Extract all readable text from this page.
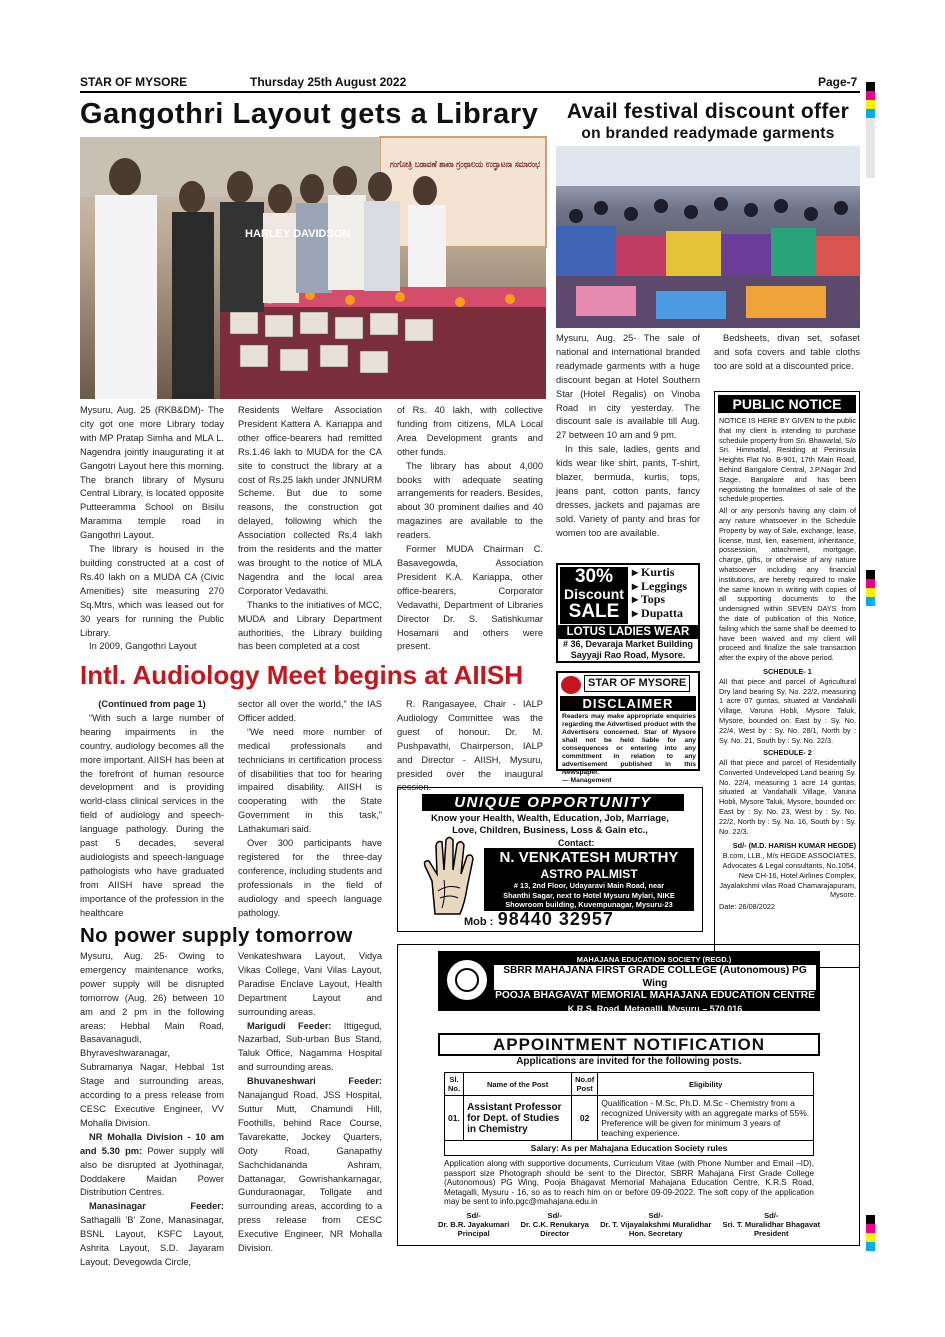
STAR OF MYSORE	Thursday 25th August 2022	Page-7
Gangothri Layout gets a Library
HARLEY DAVIDSON
ಗಂಗೋತ್ರಿ ಬಡಾವಣೆ ಶಾಖಾ ಗ್ರಂಥಾಲಯ ಉದ್ಘಾಟನಾ ಸಮಾರಂಭ

Mysuru, Aug. 25 (RKB&DM)- The city got one more Library today with MP Pratap Simha and MLA L. Nagendra jointly inaugurating it at Gangotri Layout here this morning. The branch library of Mysuru Central Library, is located opposite Putteeramma School on Bisilu Maramma temple road in Gangothri Layout.

The library is housed in the building constructed at a cost of Rs.40 lakh on a MUDA CA (Civic Amenities) site measuring 270 Sq.Mtrs, which was leased out for 30 years for running the Public Library.

In 2009, Gangothri Layout

Residents Welfare Association President Kattera A. Kariappa and other office-bearers had remitted Rs.1.46 lakh to MUDA for the CA site to construct the library at a cost of Rs.25 lakh under JNNURM Scheme. But due to some reasons, the construction got delayed, following which the Association collected Rs.4 lakh from the residents and the matter was brought to the notice of MLA Nagendra and the local area Corporator Vedavathi.

Thanks to the initiatives of MCC, MUDA and Library Department authorities, the Library building has been completed at a cost

of Rs. 40 lakh, with collective funding from citizens, MLA Local Area Development grants and other funds.

The library has about 4,000 books with adequate seating arrangements for readers. Besides, about 30 prominent dailies and 40 magazines are available to the readers.

Former MUDA Chairman C. Basavegowda, Association President K.A. Kariappa, other office-bearers, Corporator Vedavathi, Department of Libraries Director Dr. S. Satishkumar Hosamani and others were present.

Avail festival discount offer
on branded readymade garments

Mysuru, Aug. 25- The sale of national and international branded readymade garments with a huge discount began at Hotel Southern Star (Hotel Regalis) on Vinoba Road in city yesterday. The discount sale is available till Aug. 27 between 10 am and 9 pm.

In this sale, ladies, gents and kids wear like shirt, pants, T-shirt, blazer, bermuda, kurtis, tops, jeans pant, cotton pants, fancy dresses, jackets and pajamas are sold. Variety of panty and bras for women too are available.

Bedsheets, divan set, sofaset and sofa covers and table cloths too are sold at a discounted price.

30%
Discount
SALE
▸ Kurtis
▸ Leggings
▸ Tops
▸ Dupatta
LOTUS LADIES WEAR
# 36, Devaraja Market Building
Sayyaji Rao Road, Mysore.
STAR OF MYSORE
DISCLAIMER
Readers may make appropriate enquiries regarding the Advertised product with the Advertisers concerned. Star of Mysore shall not be held liable for any consequences or entering into any commitment in relation to any advertisement published in this Newspaper.
— Management
PUBLIC NOTICE

NOTICE IS HERE BY GIVEN to the public that my client is intending to purchase schedule property from Sri. Bhawarlal, S/o Sri. Himmatlal, Residing at Peninsula Heights Flat No. B-901, 17th Main Road, Behind Bangalore Central, J.P.Nagar 2nd Stage, Bangalore and has been negotiating the formalities of sale of the schedule properties.

All or any person/s having any claim of any nature whatsoever in the Schedule Property by way of Sale, exchange, lease, license, trust, lien, easement, inheritance, possession, attachment, mortgage, charge, gifts, or otherwise of any nature whatsoever including any financial institutions, are hereby required to make the same known in writing with copies of all supporting documents to the undersigned within SEVEN DAYS from the date of publication of this Notice, failing which the same shall be deemed to have been waived and my client will proceed and finalize the sale transaction after the expiry of the above period.

SCHEDULE- 1

All that piece and parcel of Agricultural Dry land bearing Sy. No. 22/2, measuring 1 acre 07 guntas, situated at Vandahalli Village, Varuna Hobli, Mysore Taluk, Mysore, bounded on: East by : Sy. No. 22/4, West by : Sy. No. 28/1, North by : Sy. No. 21, South by : Sy. No. 22/3.

SCHEDULE- 2

All that piece and parcel of Residentially Converted Undeveloped Land bearing Sy. No. 22/4, measuring 1 acre 14 guntas, situated at Vandahalli Village, Varuna Hobli, Mysore Taluk, Mysore, bounded on: East by : Sy. No. 23, West by : Sy. No. 22/2, North by : Sy. No. 16, South by : Sy. No. 22/3.

Sd/- (M.D. HARISH KUMAR HEGDE)

B.com, LLB., M/s HEGDE ASSOCIATES,

Advocates & Legal consultants, No.1054,

New CH-16, Hotel Airlines Complex,

Jayalakshmi vilas Road Chamarajapuram,

Mysore.

Date: 26/08/2022

Intl. Audiology Meet begins at AIISH

(Continued from page 1)

“With such a large number of hearing impairments in the country, audiology becomes all the more important. AIISH has been at the forefront of human resource development and is providing world-class clinical services in the field of audiology and speech-language pathology. During the past 5 decades, several audiologists and speech-language pathologists who have graduated from AIISH have spread the importance of the profession in the healthcare

sector all over the world,” the IAS Officer added.

“We need more number of medical professionals and technicians in certification process of disabilities that too for hearing impaired disability. AIISH is cooperating with the State Government in this task,” Lathakumari said.

Over 300 participants have registered for the three-day conference, including students and professionals in the field of audiology and speech language pathology.

R. Rangasayee, Chair - IALP Audiology Committee was the guest of honour. Dr. M. Pushpavathi, Chairperson, IALP and Director - AIISH, Mysuru, presided over the inaugural session.

UNIQUE OPPORTUNITY
Know your Health, Wealth, Education, Job, Marriage,
Love, Children, Business, Loss & Gain etc.,
Contact:
N. VENKATESH MURTHY
ASTRO PALMIST
# 13, 2nd Floor, Udayaravi Main Road, near
Shanthi Sagar, next to Hotel Mysuru Mylari, NIKE
Showroom building, Kuvempunagar, Mysuru-23
Mob : 98440 32957
No power supply tomorrow

Mysuru, Aug. 25- Owing to emergency maintenance works, power supply will be disrupted tomorrow (Aug. 26) between 10 am and 2 pm in the following areas: Hebbal Main Road, Basavanagudi, Bhyraveshwaranagar, Subramanya Nagar, Hebbal 1st Stage and surrounding areas, according to a press release from CESC Executive Engineer, VV Mohalla Division.

NR Mohalla Division - 10 am and 5.30 pm: Power supply will also be disrupted at Jyothinagar, Doddakere Maidan Power Distribution Centres.

Manasinagar Feeder: Sathagalli 'B' Zone, Manasinagar, BSNL Layout, KSFC Layout, Ashrita Layout, S.D. Jayaram Layout, Devegowda Circle,

Venkateshwara Layout, Vidya Vikas College, Vani Vilas Layout, Paradise Enclave Layout, Health Department Layout and surrounding areas.

Marigudi Feeder: Ittigegud, Nazarbad, Sub-urban Bus Stand, Taluk Office, Nagamma Hospital and surrounding areas.

Bhuvaneshwari Feeder: Nanajangud Road, JSS Hospital, Suttur Mutt, Chamundi Hill, Foothills, behind Race Course, Tavarekatte, Jockey Quarters, Ooty Road, Ganapathy Sachchidananda Ashram, Dattanagar, Gowrishankarnagar, Gunduraonagar, Tollgate and surrounding areas, according to a press release from CESC Executive Engineer, NR Mohalla Division.

MAHAJANA EDUCATION SOCIETY (REGD.)
SBRR MAHAJANA FIRST GRADE COLLEGE (Autonomous) PG Wing
POOJA BHAGAVAT MEMORIAL MAHAJANA EDUCATION CENTRE
K.R.S. Road, Metagalli, Mysuru – 570 016
Ph: 0821- 2581226 Email: info.pgc@mahajana.edu.in
APPOINTMENT NOTIFICATION
Applications are invited for the following posts.
Sl. No.	Name of the Post	No.of Post	Eligibility
01.	Assistant Professor for Dept. of Studies in Chemistry	02	Qualification - M.Sc, Ph.D. M.Sc - Chemistry from a recognized University with an aggregate marks of 55%. Preference will be given for minimum 3 years of teaching experience.
Salary: As per Mahajana Education Society rules			
Application along with supportive documents, Curriculum Vitae (with Phone Number and Email –ID), passport size Photograph should be sent to the Director, SBRR Mahajana First Grade College (Autonomous) PG Wing, Pooja Bhagavat Memorial Mahajana Education Centre, K.R.S Road, Metagalli, Mysuru - 16, so as to reach him on or before 09-09-2022. The soft copy of the application may be sent to info.pgc@mahajana.edu.in
Sd/-
Dr. B.R. Jayakumari
Principal
Sd/-
Dr. C.K. Renukarya
Director
Sd/-
Dr. T. Vijayalakshmi Muralidhar
Hon. Secretary
Sd/-
Sri. T. Muralidhar Bhagavat
President
